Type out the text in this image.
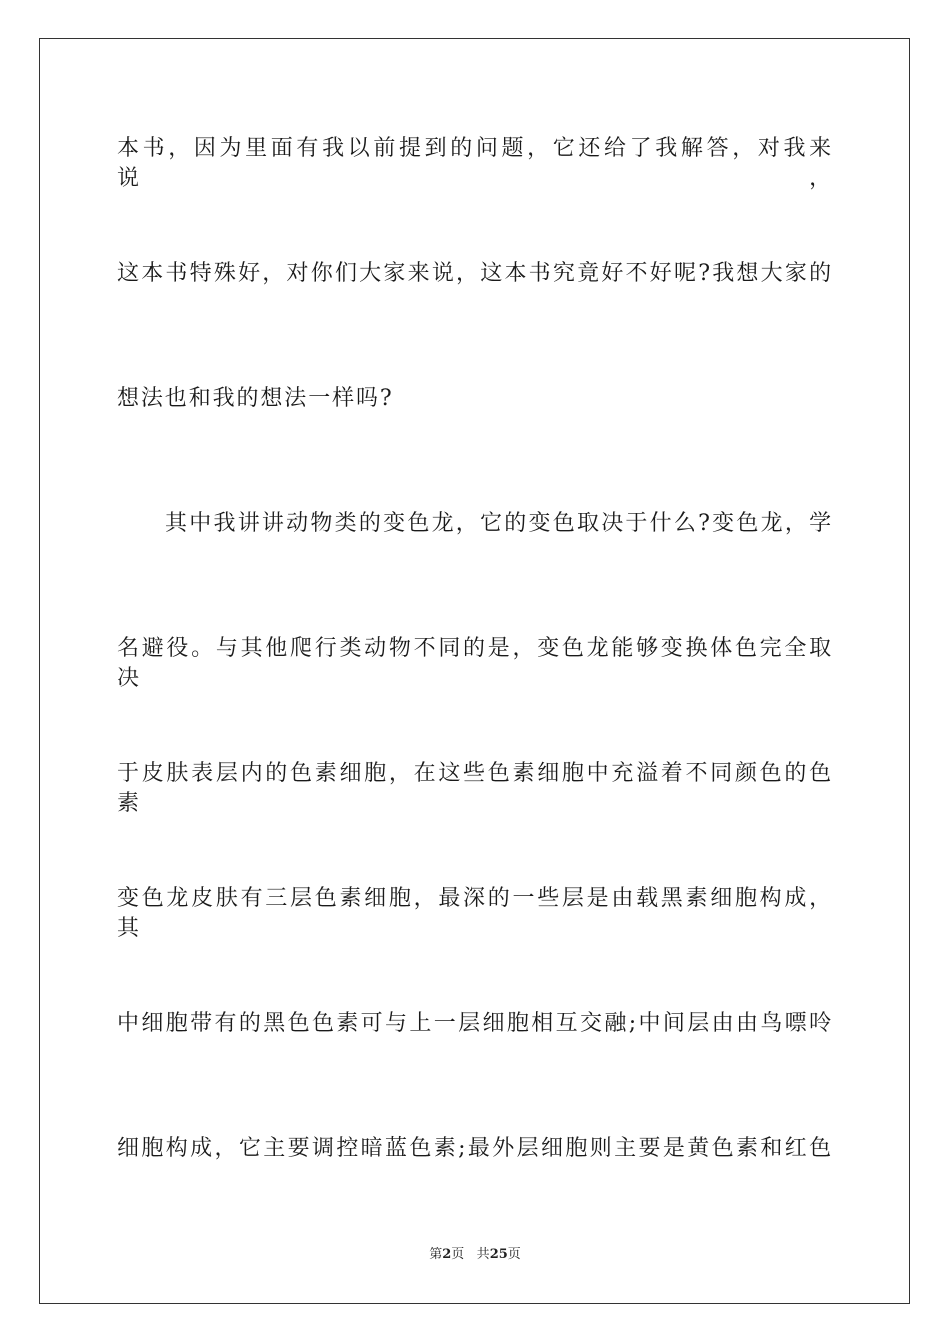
本书，因为里面有我以前提到的问题，它还给了我解答，对我来说，
这本书特殊好，对你们大家来说，这本书究竟好不好呢?我想大家的
想法也和我的想法一样吗?
其中我讲讲动物类的变色龙，它的变色取决于什么?变色龙，学
名避役。与其他爬行类动物不同的是，变色龙能够变换体色完全取决
于皮肤表层内的色素细胞，在这些色素细胞中充溢着不同颜色的色素
变色龙皮肤有三层色素细胞，最深的一些层是由载黑素细胞构成，其
中细胞带有的黑色色素可与上一层细胞相互交融;中间层由由鸟嘌呤
细胞构成，它主要调控暗蓝色素;最外层细胞则主要是黄色素和红色
第2页 共25页
